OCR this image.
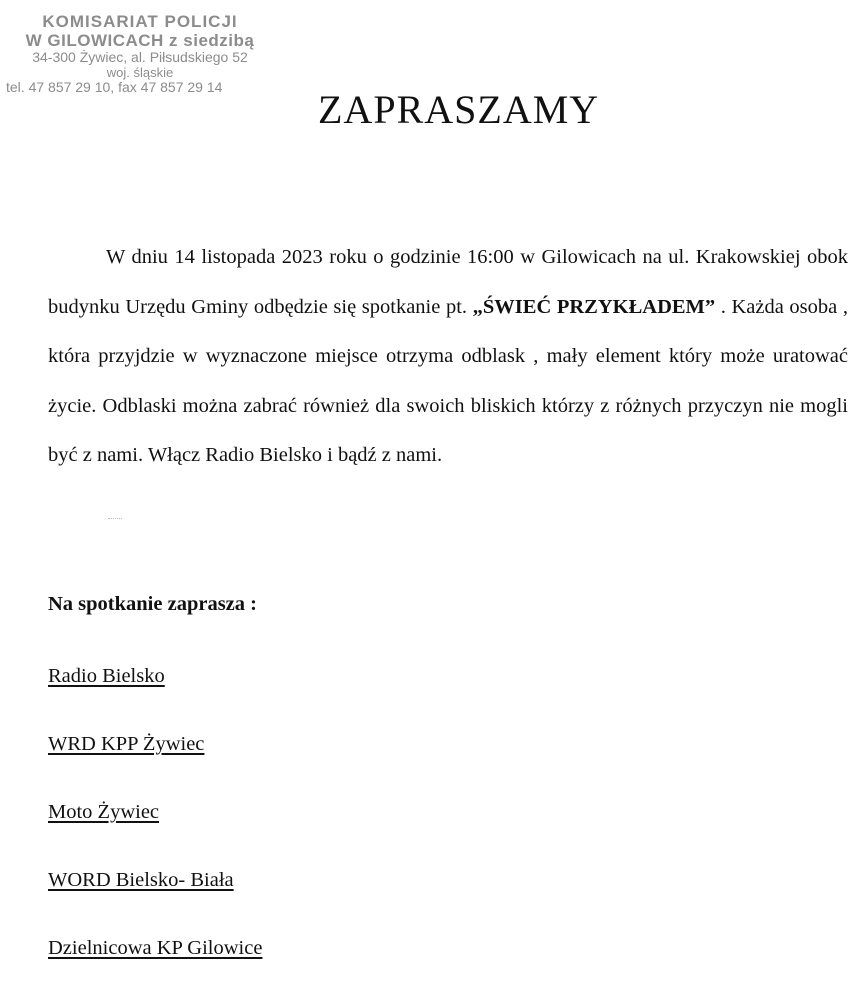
KOMISARIAT POLICJI
W GILOWICACH z siedzibą
34-300 Żywiec, al. Piłsudskiego 52
woj. śląskie
tel. 47 857 29 10, fax 47 857 29 14	ZAPRASZAMY

W dniu 14 listopada 2023 roku o godzinie 16:00 w Gilowicach na ul. Krakowskiej obok budynku Urzędu Gminy odbędzie się spotkanie pt. „ŚWIEĆ PRZYKŁADEM” . Każda osoba , która przyjdzie w wyznaczone miejsce otrzyma odblask , mały element który może uratować życie. Odblaski można zabrać również dla swoich bliskich którzy z różnych przyczyn nie mogli być z nami. Włącz Radio Bielsko i bądź z nami.

Na spotkanie zaprasza :

Radio Bielsko
WRD KPP Żywiec
Moto Żywiec
WORD Bielsko- Biała
Dzielnicowa KP Gilowice
